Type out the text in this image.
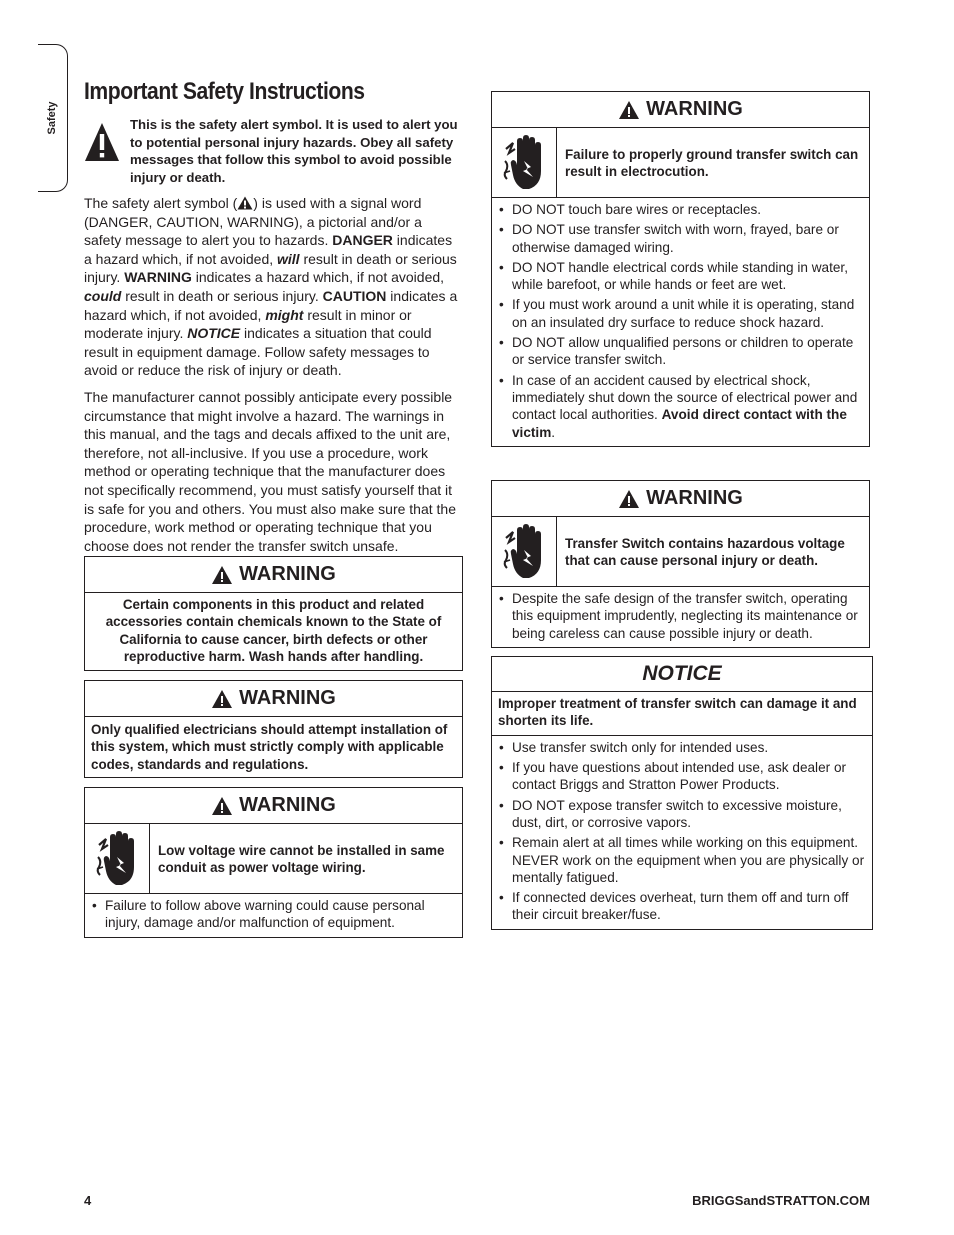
Safety
Important Safety Instructions

This is the safety alert symbol. It is used to alert you to potential personal injury hazards. Obey all safety messages that follow this symbol to avoid possible injury or death.

The safety alert symbol ( ) is used with a signal word (DANGER, CAUTION, WARNING), a pictorial and/or a safety message to alert you to hazards. DANGER indicates a hazard which, if not avoided, will result in death or serious injury. WARNING indicates a hazard which, if not avoided, could result in death or serious injury. CAUTION indicates a hazard which, if not avoided, might result in minor or moderate injury. NOTICE indicates a situation that could result in equipment damage. Follow safety messages to avoid or reduce the risk of injury or death.

The manufacturer cannot possibly anticipate every possible circumstance that might involve a hazard. The warnings in this manual, and the tags and decals affixed to the unit are, therefore, not all-inclusive. If you use a procedure, work method or operating technique that the manufacturer does not specifically recommend, you must satisfy yourself that it is safe for you and others. You must also make sure that the procedure, work method or operating technique that you choose does not render the transfer switch unsafe.

WARNING
Certain components in this product and related accessories contain chemicals known to the State of California to cause cancer, birth defects or other reproductive harm. Wash hands after handling.
WARNING
Only qualified electricians should attempt installation of this system, which must strictly comply with applicable codes, standards and regulations.
WARNING
Low voltage wire cannot be installed in same conduit as power voltage wiring.
• Failure to follow above warning could cause personal injury, damage and/or malfunction of equipment.
WARNING
Failure to properly ground transfer switch can result in electrocution.
• DO NOT touch bare wires or receptacles.
• DO NOT use transfer switch with worn, frayed, bare or otherwise damaged wiring.
• DO NOT handle electrical cords while standing in water, while barefoot, or while hands or feet are wet.
• If you must work around a unit while it is operating, stand on an insulated dry surface to reduce shock hazard.
• DO NOT allow unqualified persons or children to operate or service transfer switch.
• In case of an accident caused by electrical shock, immediately shut down the source of electrical power and contact local authorities. Avoid direct contact with the victim.
WARNING
Transfer Switch contains hazardous voltage that can cause personal injury or death.
• Despite the safe design of the transfer switch, operating this equipment imprudently, neglecting its maintenance or being careless can cause possible injury or death.
NOTICE
Improper treatment of transfer switch can damage it and shorten its life.
• Use transfer switch only for intended uses.
• If you have questions about intended use, ask dealer or contact Briggs and Stratton Power Products.
• DO NOT expose transfer switch to excessive moisture, dust, dirt, or corrosive vapors.
• Remain alert at all times while working on this equipment. NEVER work on the equipment when you are physically or mentally fatigued.
• If connected devices overheat, turn them off and turn off their circuit breaker/fuse.
4	BRIGGSandSTRATTON.COM
